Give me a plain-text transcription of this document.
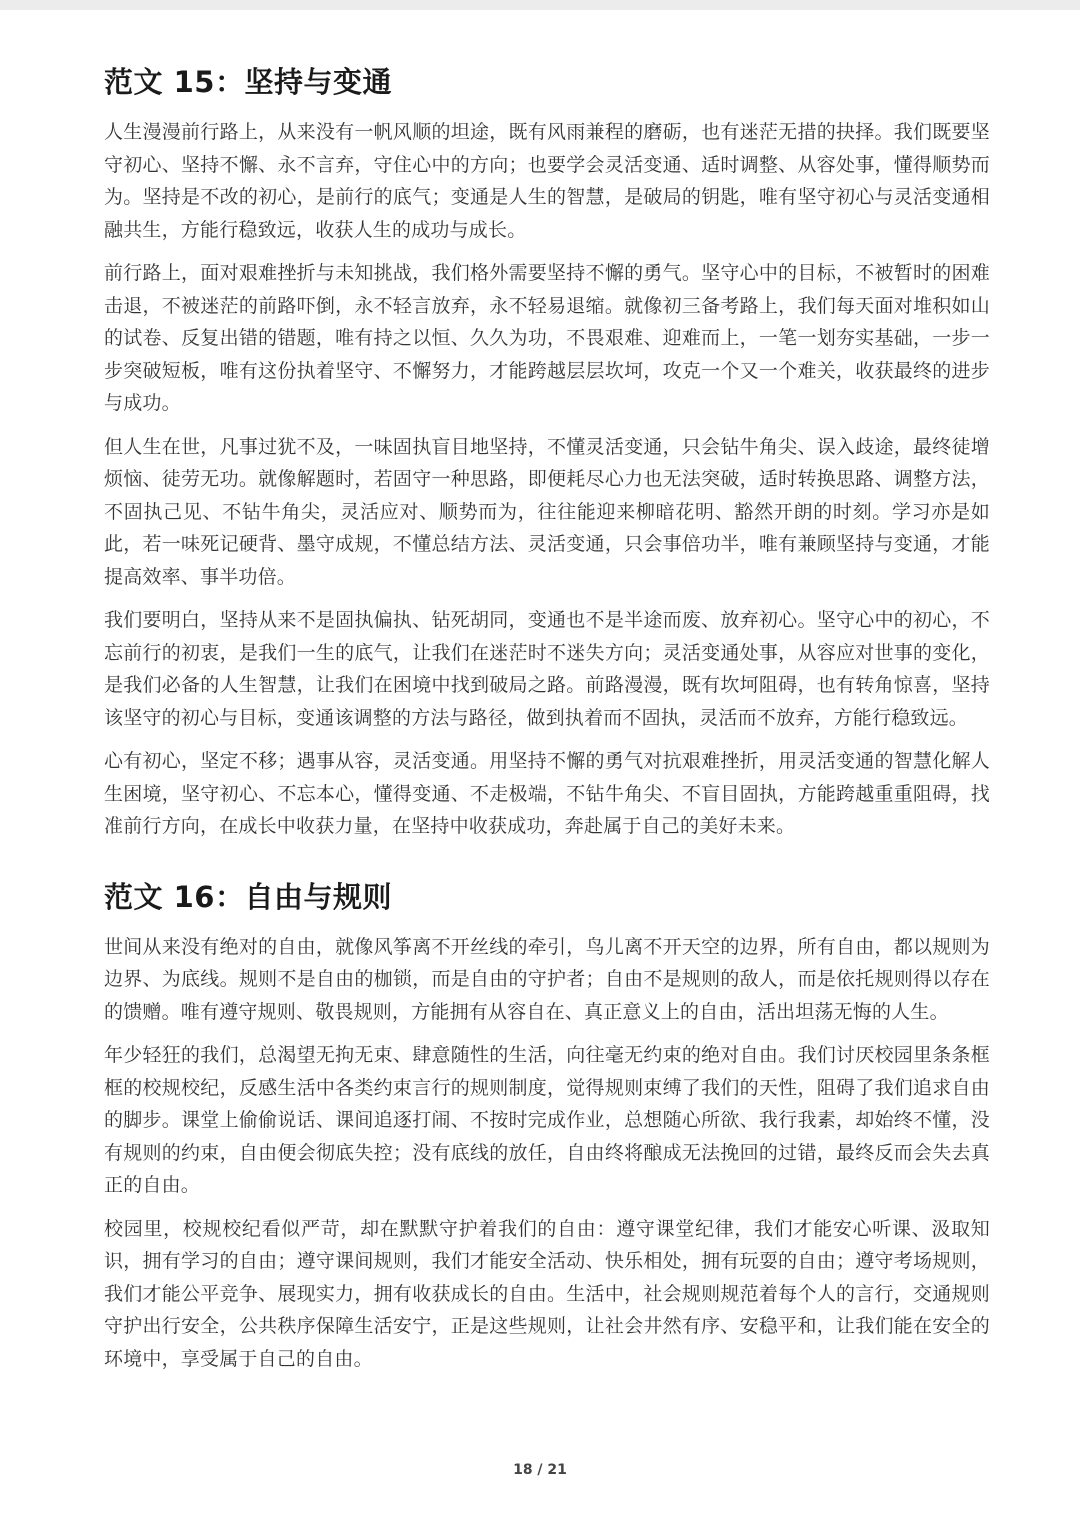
范文 15：坚持与变通

人生漫漫前行路上，从来没有一帆风顺的坦途，既有风雨兼程的磨砺，也有迷茫无措的抉择。我们既要坚守初心、坚持不懈、永不言弃，守住心中的方向；也要学会灵活变通、适时调整、从容处事，懂得顺势而为。坚持是不改的初心，是前行的底气；变通是人生的智慧，是破局的钥匙，唯有坚守初心与灵活变通相融共生，方能行稳致远，收获人生的成功与成长。

前行路上，面对艰难挫折与未知挑战，我们格外需要坚持不懈的勇气。坚守心中的目标，不被暂时的困难击退，不被迷茫的前路吓倒，永不轻言放弃，永不轻易退缩。就像初三备考路上，我们每天面对堆积如山的试卷、反复出错的错题，唯有持之以恒、久久为功，不畏艰难、迎难而上，一笔一划夯实基础，一步一步突破短板，唯有这份执着坚守、不懈努力，才能跨越层层坎坷，攻克一个又一个难关，收获最终的进步与成功。

但人生在世，凡事过犹不及，一味固执盲目地坚持，不懂灵活变通，只会钻牛角尖、误入歧途，最终徒增烦恼、徒劳无功。就像解题时，若固守一种思路，即便耗尽心力也无法突破，适时转换思路、调整方法，不固执己见、不钻牛角尖，灵活应对、顺势而为，往往能迎来柳暗花明、豁然开朗的时刻。学习亦是如此，若一味死记硬背、墨守成规，不懂总结方法、灵活变通，只会事倍功半，唯有兼顾坚持与变通，才能提高效率、事半功倍。

我们要明白，坚持从来不是固执偏执、钻死胡同，变通也不是半途而废、放弃初心。坚守心中的初心，不忘前行的初衷，是我们一生的底气，让我们在迷茫时不迷失方向；灵活变通处事，从容应对世事的变化，是我们必备的人生智慧，让我们在困境中找到破局之路。前路漫漫，既有坎坷阻碍，也有转角惊喜，坚持该坚守的初心与目标，变通该调整的方法与路径，做到执着而不固执，灵活而不放弃，方能行稳致远。

心有初心，坚定不移；遇事从容，灵活变通。用坚持不懈的勇气对抗艰难挫折，用灵活变通的智慧化解人生困境，坚守初心、不忘本心，懂得变通、不走极端，不钻牛角尖、不盲目固执，方能跨越重重阻碍，找准前行方向，在成长中收获力量，在坚持中收获成功，奔赴属于自己的美好未来。

范文 16：自由与规则

世间从来没有绝对的自由，就像风筝离不开丝线的牵引，鸟儿离不开天空的边界，所有自由，都以规则为边界、为底线。规则不是自由的枷锁，而是自由的守护者；自由不是规则的敌人，而是依托规则得以存在的馈赠。唯有遵守规则、敬畏规则，方能拥有从容自在、真正意义上的自由，活出坦荡无悔的人生。

年少轻狂的我们，总渴望无拘无束、肆意随性的生活，向往毫无约束的绝对自由。我们讨厌校园里条条框框的校规校纪，反感生活中各类约束言行的规则制度，觉得规则束缚了我们的天性，阻碍了我们追求自由的脚步。课堂上偷偷说话、课间追逐打闹、不按时完成作业，总想随心所欲、我行我素，却始终不懂，没有规则的约束，自由便会彻底失控；没有底线的放任，自由终将酿成无法挽回的过错，最终反而会失去真正的自由。

校园里，校规校纪看似严苛，却在默默守护着我们的自由：遵守课堂纪律，我们才能安心听课、汲取知识，拥有学习的自由；遵守课间规则，我们才能安全活动、快乐相处，拥有玩耍的自由；遵守考场规则，我们才能公平竞争、展现实力，拥有收获成长的自由。生活中，社会规则规范着每个人的言行，交通规则守护出行安全，公共秩序保障生活安宁，正是这些规则，让社会井然有序、安稳平和，让我们能在安全的环境中，享受属于自己的自由。

18 / 21
